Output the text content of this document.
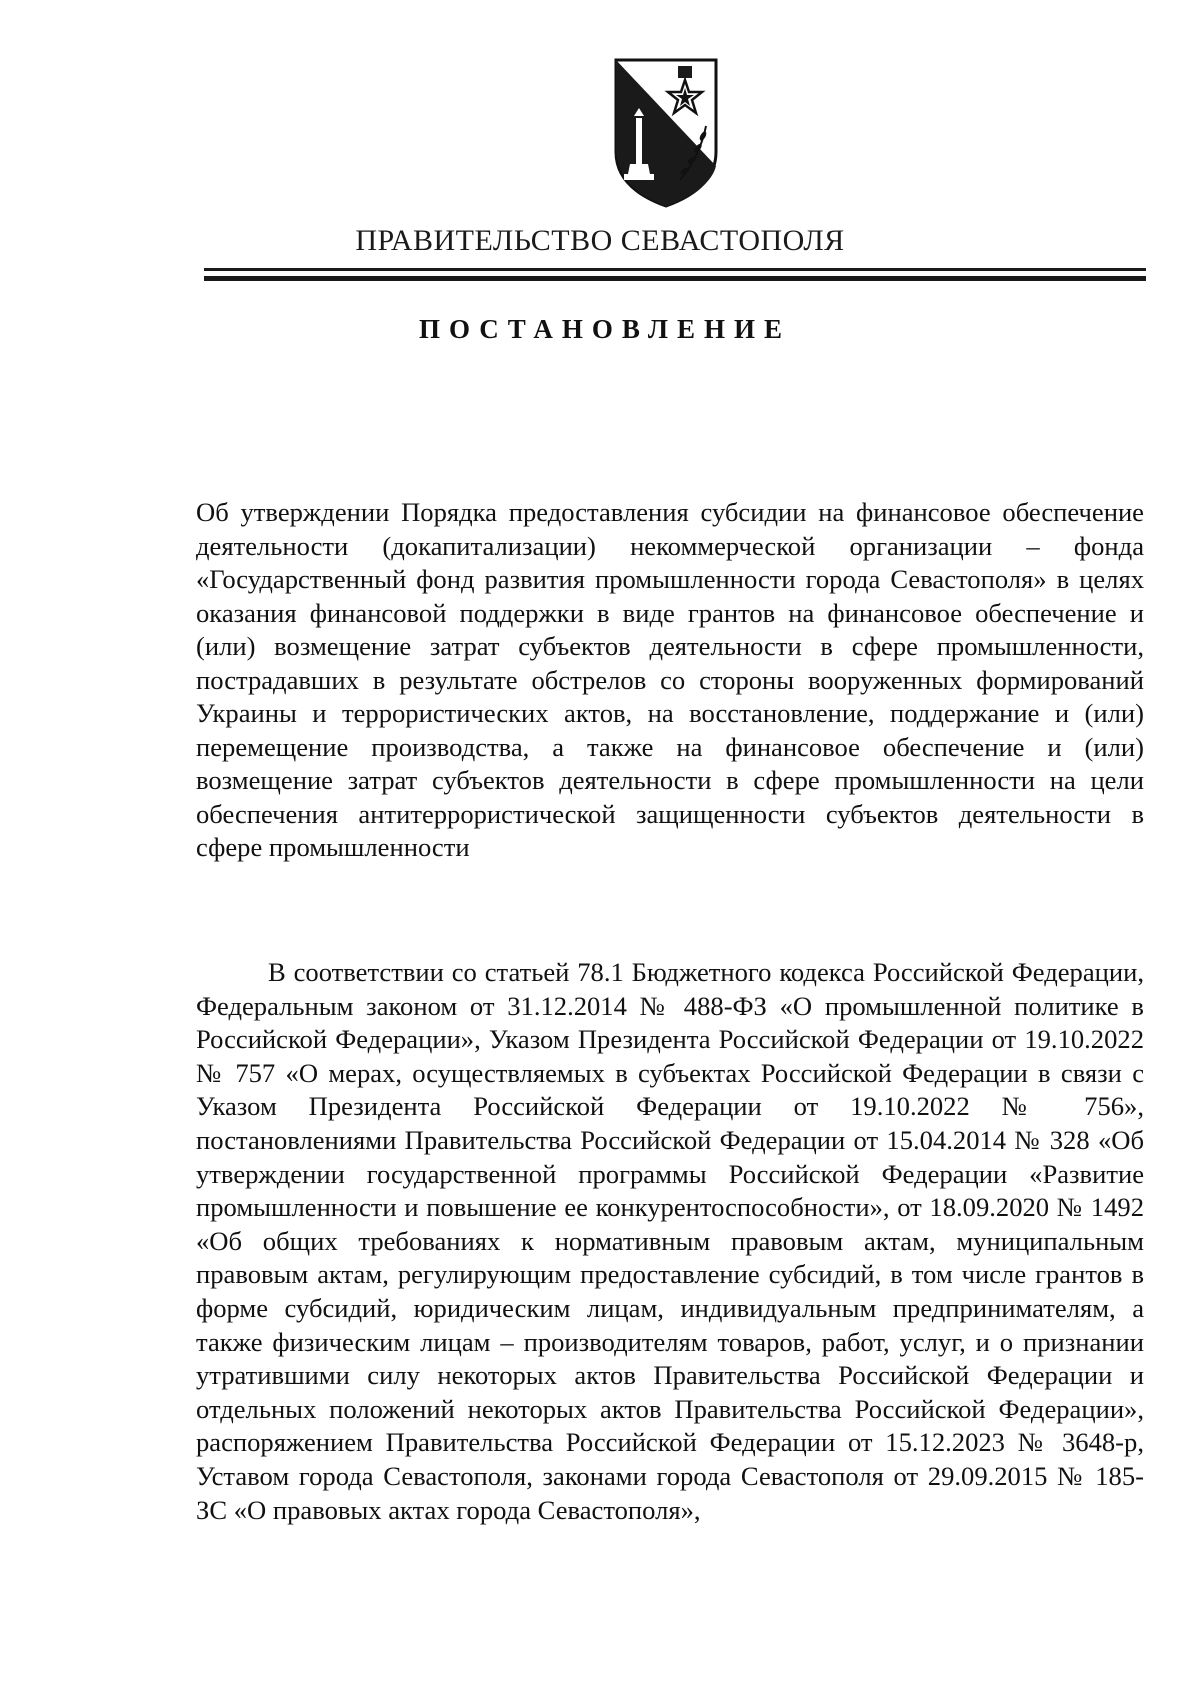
ПРАВИТЕЛЬСТВО СЕВАСТОПОЛЯ
ПОСТАНОВЛЕНИЕ
Об утверждении Порядка предоставления субсидии на финансовое обеспечение деятельности (докапитализации) некоммерческой организации – фонда «Государственный фонд развития промышленности города Севастополя» в целях оказания финансовой поддержки в виде грантов на финансовое обеспечение и (или) возмещение затрат субъектов деятельности в сфере промышленности, пострадавших в результате обстрелов со стороны вооруженных формирований Украины и террористических актов, на восстановление, поддержание и (или) перемещение производства, а также на финансовое обеспечение и (или) возмещение затрат субъектов деятельности в сфере промышленности на цели обеспечения антитеррористической защищенности субъектов деятельности в сфере промышленности
В соответствии со статьей 78.1 Бюджетного кодекса Российской Федерации, Федеральным законом от 31.12.2014 № 488-ФЗ «О промышленной политике в Российской Федерации», Указом Президента Российской Федерации от 19.10.2022 № 757 «О мерах, осуществляемых в субъектах Российской Федерации в связи с Указом Президента Российской Федерации от 19.10.2022 № 756», постановлениями Правительства Российской Федерации от 15.04.2014 № 328 «Об утверждении государственной программы Российской Федерации «Развитие промышленности и повышение ее конкурентоспособности», от 18.09.2020 № 1492 «Об общих требованиях к нормативным правовым актам, муниципальным правовым актам, регулирующим предоставление субсидий, в том числе грантов в форме субсидий, юридическим лицам, индивидуальным предпринимателям, а также физическим лицам – производителям товаров, работ, услуг, и о признании утратившими силу некоторых актов Правительства Российской Федерации и отдельных положений некоторых актов Правительства Российской Федерации», распоряжением Правительства Российской Федерации от 15.12.2023 № 3648-р, Уставом города Севастополя, законами города Севастополя от 29.09.2015 № 185-ЗС «О правовых актах города Севастополя»,
